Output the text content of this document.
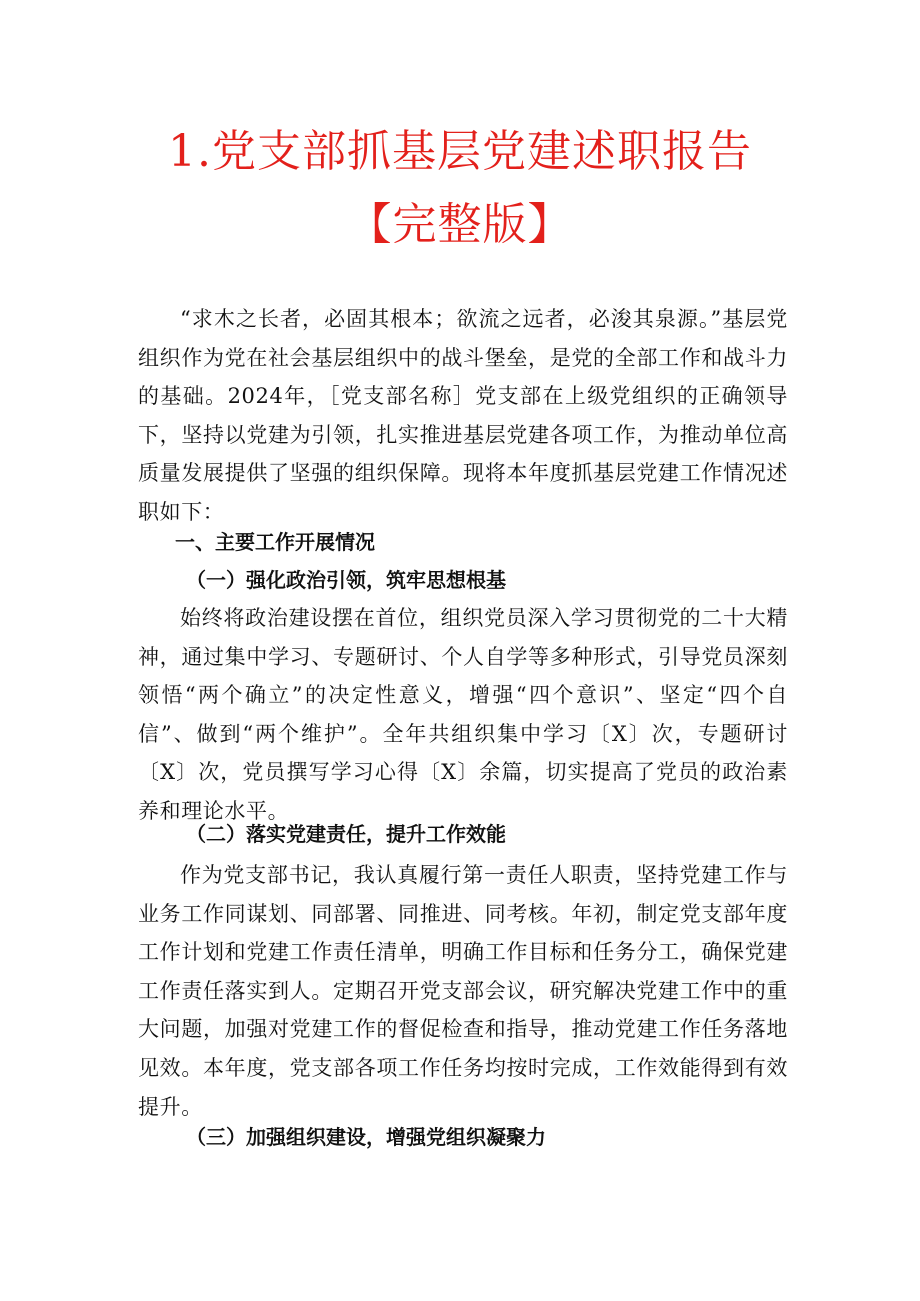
1.党支部抓基层党建述职报告
【完整版】

“求木之长者，必固其根本；欲流之远者，必浚其泉源。”基层党组织作为党在社会基层组织中的战斗堡垒，是党的全部工作和战斗力的基础。2024年，［党支部名称］党支部在上级党组织的正确领导下，坚持以党建为引领，扎实推进基层党建各项工作，为推动单位高质量发展提供了坚强的组织保障。现将本年度抓基层党建工作情况述职如下：

一、主要工作开展情况
（一）强化政治引领，筑牢思想根基

始终将政治建设摆在首位，组织党员深入学习贯彻党的二十大精神，通过集中学习、专题研讨、个人自学等多种形式，引导党员深刻领悟“两个确立”的决定性意义，增强“四个意识”、坚定“四个自信”、做到“两个维护”。全年共组织集中学习〔X〕次，专题研讨〔X〕次，党员撰写学习心得〔X〕余篇，切实提高了党员的政治素养和理论水平。

（二）落实党建责任，提升工作效能

作为党支部书记，我认真履行第一责任人职责，坚持党建工作与业务工作同谋划、同部署、同推进、同考核。年初，制定党支部年度工作计划和党建工作责任清单，明确工作目标和任务分工，确保党建工作责任落实到人。定期召开党支部会议，研究解决党建工作中的重大问题，加强对党建工作的督促检查和指导，推动党建工作任务落地见效。本年度，党支部各项工作任务均按时完成，工作效能得到有效提升。

（三）加强组织建设，增强党组织凝聚力
